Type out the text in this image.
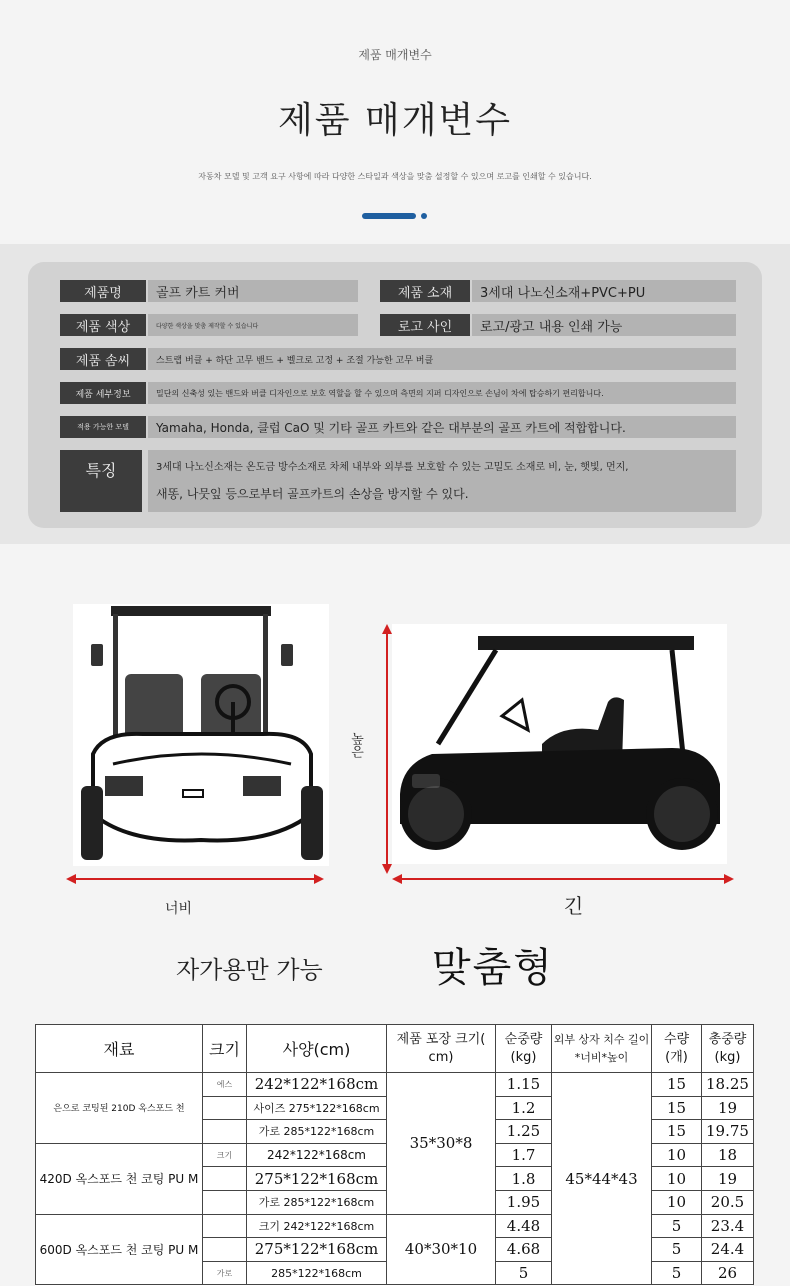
제품 매개변수
제품 매개변수
자동차 모델 및 고객 요구 사항에 따라 다양한 스타일과 색상을 맞춤 설정할 수 있으며 로고를 인쇄할 수 있습니다.
제품명	골프 카트 커버	제품 소재	3세대 나노신소재+PVC+PU
제품 색상	다양한 색상을 맞춤 제작할 수 있습니다	로고 사인	로고/광고 내용 인쇄 가능
제품 솜씨	스트랩 버클 + 하단 고무 밴드 + 벨크로 고정 + 조절 가능한 고무 버클
제품 세부정보	밀단의 신축성 있는 밴드와 버클 디자인으로 보호 역할을 할 수 있으며 측면의 지퍼 디자인으로 손님이 차에 탑승하기 편리합니다.
적용 가능한 모델	Yamaha, Honda, 클럽 CaO 및 기타 골프 카트와 같은 대부분의 골프 카트에 적합합니다.
특징	3세대 나노신소재는 온도금 방수소재로 차체 내부와 외부를 보호할 수 있는 고밀도 소재로 비, 눈, 햇빛, 먼지,
새똥, 나뭇잎 등으로부터 골프카트의 손상을 방지할 수 있다.
너비
높은
긴
자가용만 가능	맞춤형
재료	크기	사양(cm)	제품 포장 크기( cm)	순중량 (kg)	외부 상자 치수 길이*너비*높이	수량 (개)	총중량 (kg)
은으로 코팅된 210D 옥스포드 천	에스	242*122*168cm	35*30*8	1.15	45*44*43	15	18.25
		사이즈 275*122*168cm		1.2		15	19
		가로 285*122*168cm		1.25		15	19.75
420D 옥스포드 천 코팅 PU M	크기	242*122*168cm		1.7		10	18
		275*122*168cm		1.8		10	19
		가로 285*122*168cm		1.95		10	20.5
600D 옥스포드 천 코팅 PU M		크기 242*122*168cm	40*30*10	4.48		5	23.4
		275*122*168cm		4.68		5	24.4
	가로	285*122*168cm		5		5	26
